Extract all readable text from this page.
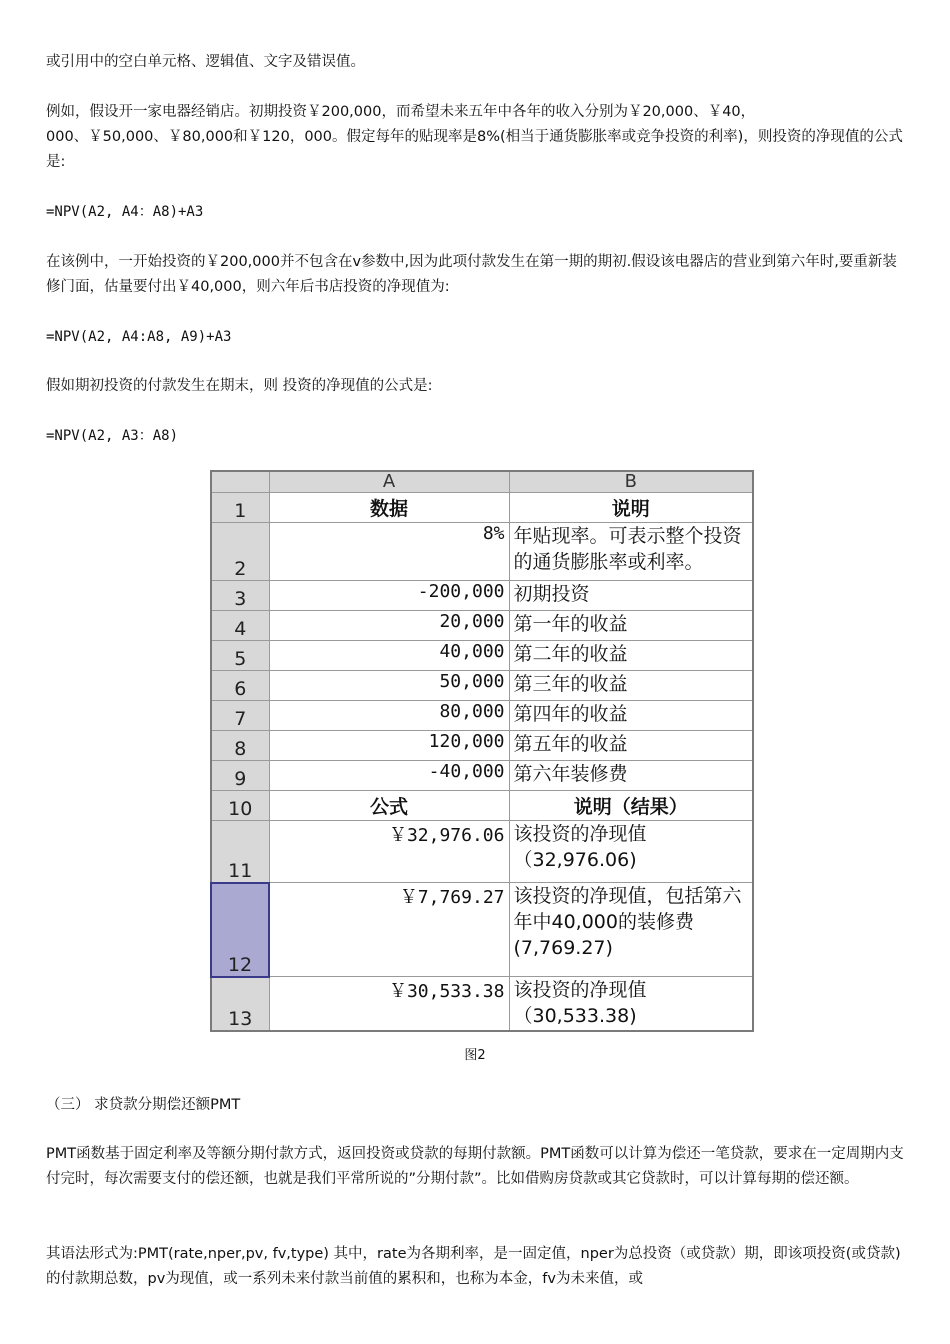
或引用中的空白单元格、逻辑值、文字及错误值。

例如，假设开一家电器经销店。初期投资￥200,000，而希望未来五年中各年的收入分别为￥20,000、￥40，000、￥50,000、￥80,000和￥120，000。假定每年的贴现率是8%(相当于通货膨胀率或竞争投资的利率)，则投资的净现值的公式是:

=NPV(A2, A4：A8)+A3

在该例中，一开始投资的￥200,000并不包含在v参数中,因为此项付款发生在第一期的期初.假设该电器店的营业到第六年时,要重新装修门面，估量要付出￥40,000，则六年后书店投资的净现值为:

=NPV(A2, A4:A8, A9)+A3

假如期初投资的付款发生在期末，则 投资的净现值的公式是:

=NPV(A2, A3：A8)

	A	B
1	数据	说明
2	8%	年贴现率。可表示整个投资的通货膨胀率或利率。
3	-200,000	初期投资
4	20,000	第一年的收益
5	40,000	第二年的收益
6	50,000	第三年的收益
7	80,000	第四年的收益
8	120,000	第五年的收益
9	-40,000	第六年装修费
10	公式	说明（结果）
11	￥32,976.06	该投资的净现值（32,976.06)
12	￥7,769.27	该投资的净现值，包括第六年中40,000的装修费(7,769.27)
13	￥30,533.38	该投资的净现值（30,533.38)
图2

（三） 求贷款分期偿还额PMT

PMT函数基于固定利率及等额分期付款方式，返回投资或贷款的每期付款额。PMT函数可以计算为偿还一笔贷款，要求在一定周期内支付完时，每次需要支付的偿还额，也就是我们平常所说的”分期付款”。比如借购房贷款或其它贷款时，可以计算每期的偿还额。

其语法形式为:PMT(rate,nper,pv, fv,type) 其中，rate为各期利率，是一固定值，nper为总投资（或贷款）期，即该项投资(或贷款)的付款期总数，pv为现值，或一系列未来付款当前值的累积和，也称为本金，fv为未来值，或
